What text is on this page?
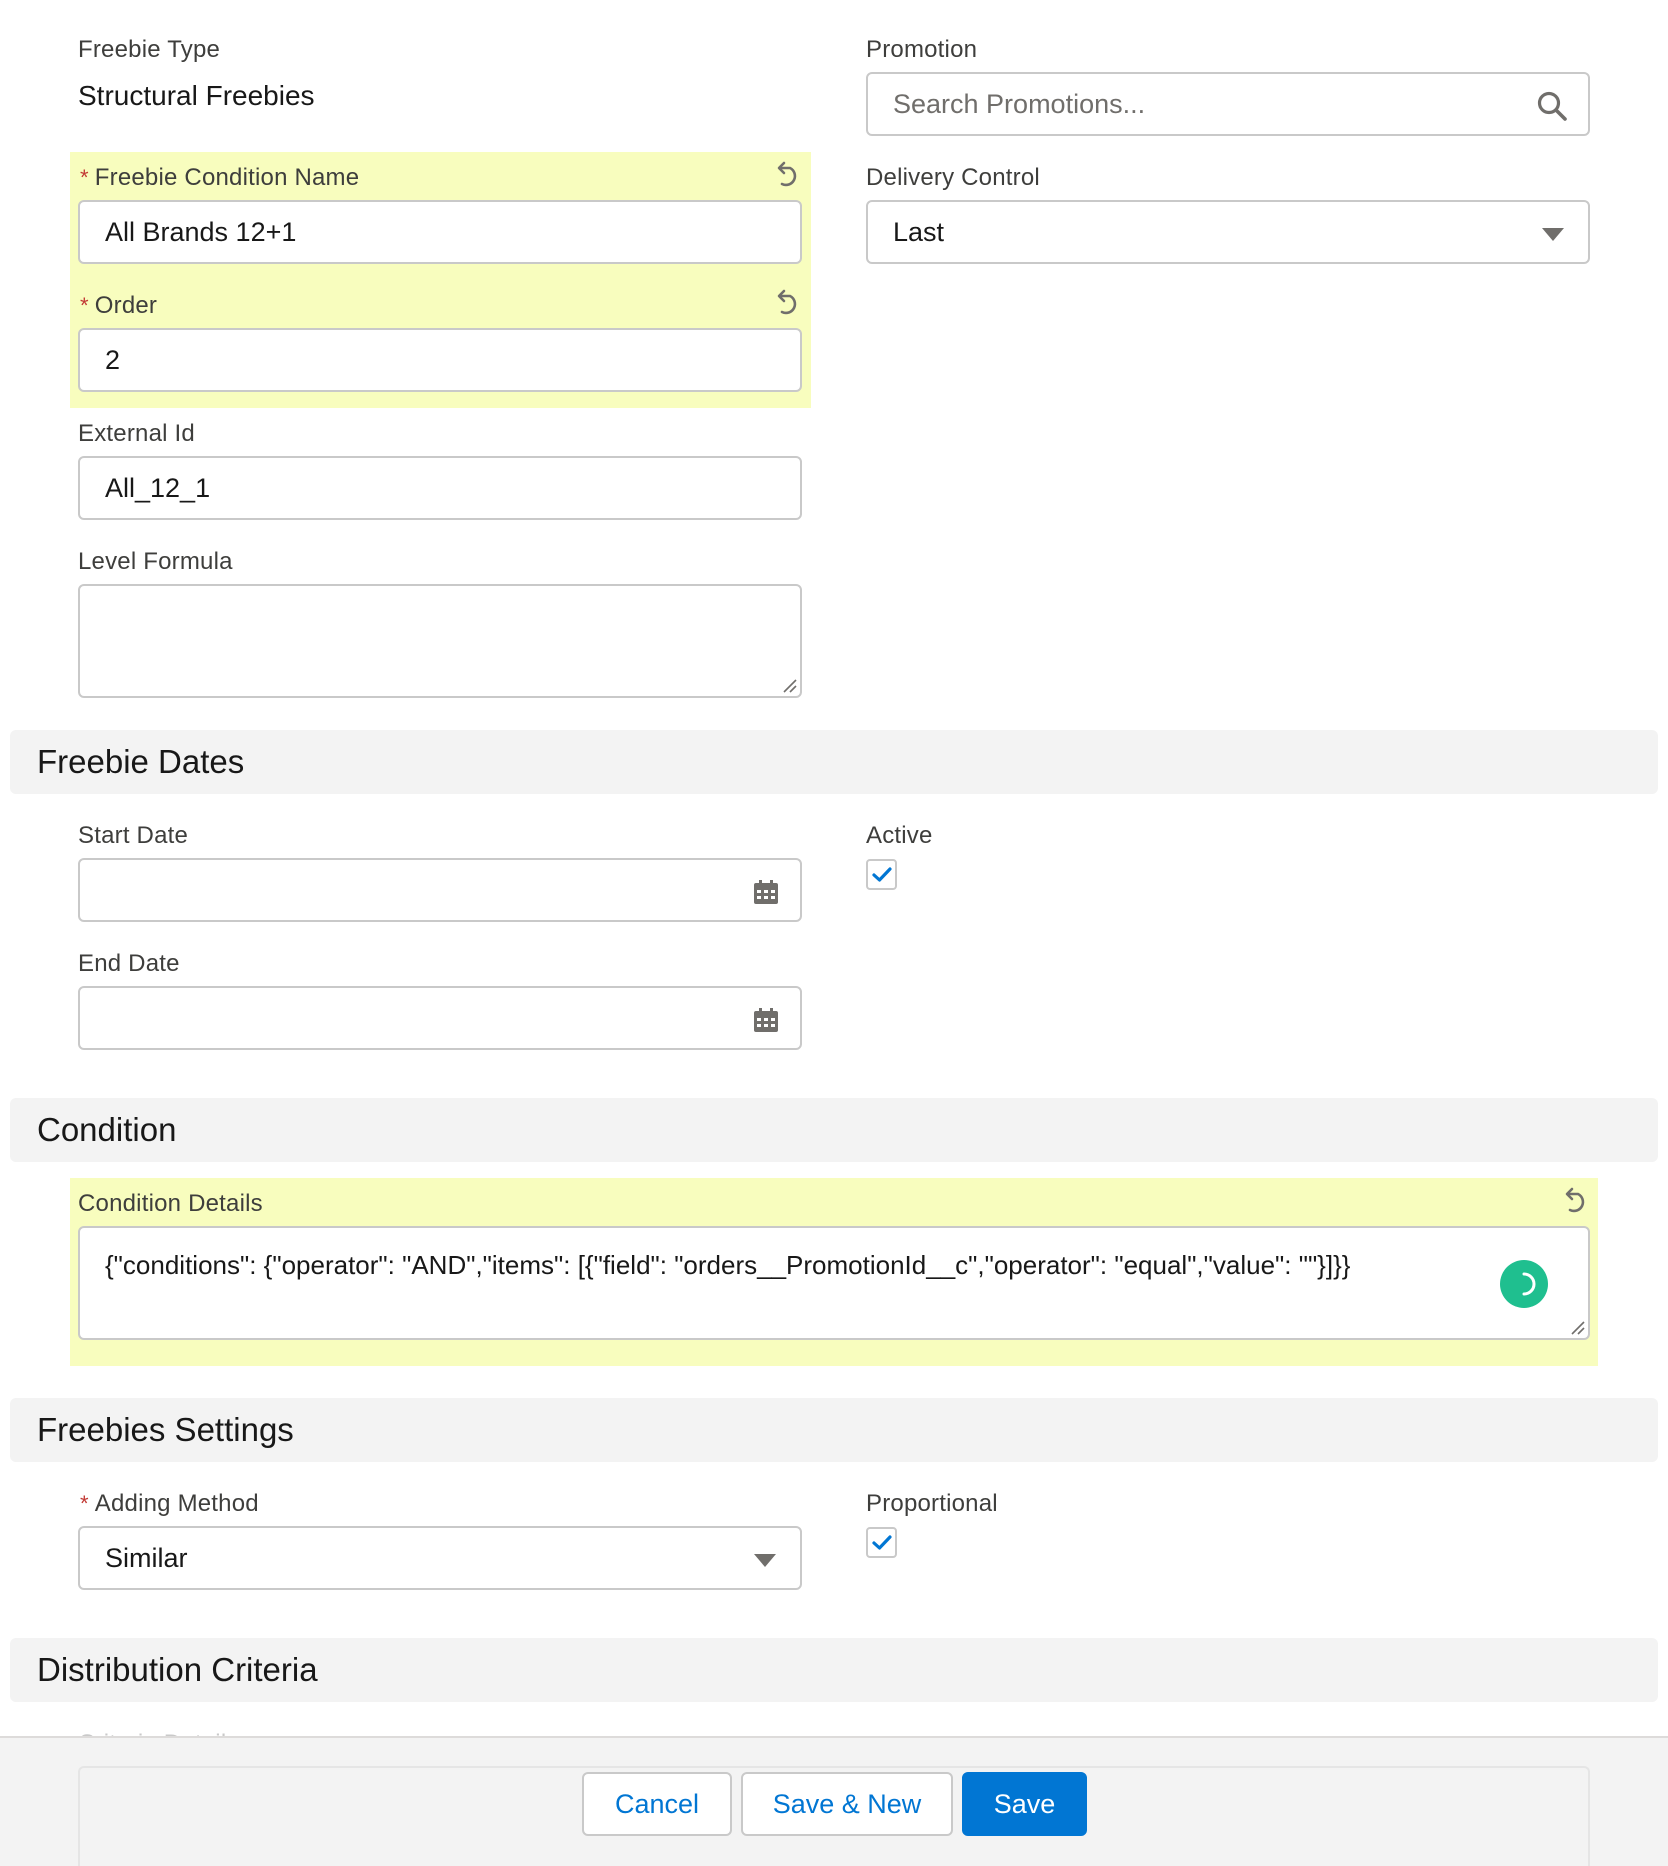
Freebie Type
Structural Freebies
Promotion
Search Promotions...
* Freebie Condition Name
All Brands 12+1
* Order
2
Delivery Control
Last
External Id
All_12_1
Level Formula
Freebie Dates
Start Date
End Date
Active
Condition
Condition Details
{"conditions": {"operator": "AND","items": [{"field": "orders__PromotionId__c","operator": "equal","value": ""}]}}
Freebies Settings
* Adding Method
Similar
Proportional
Distribution Criteria
Cancel	Save & New	Save
